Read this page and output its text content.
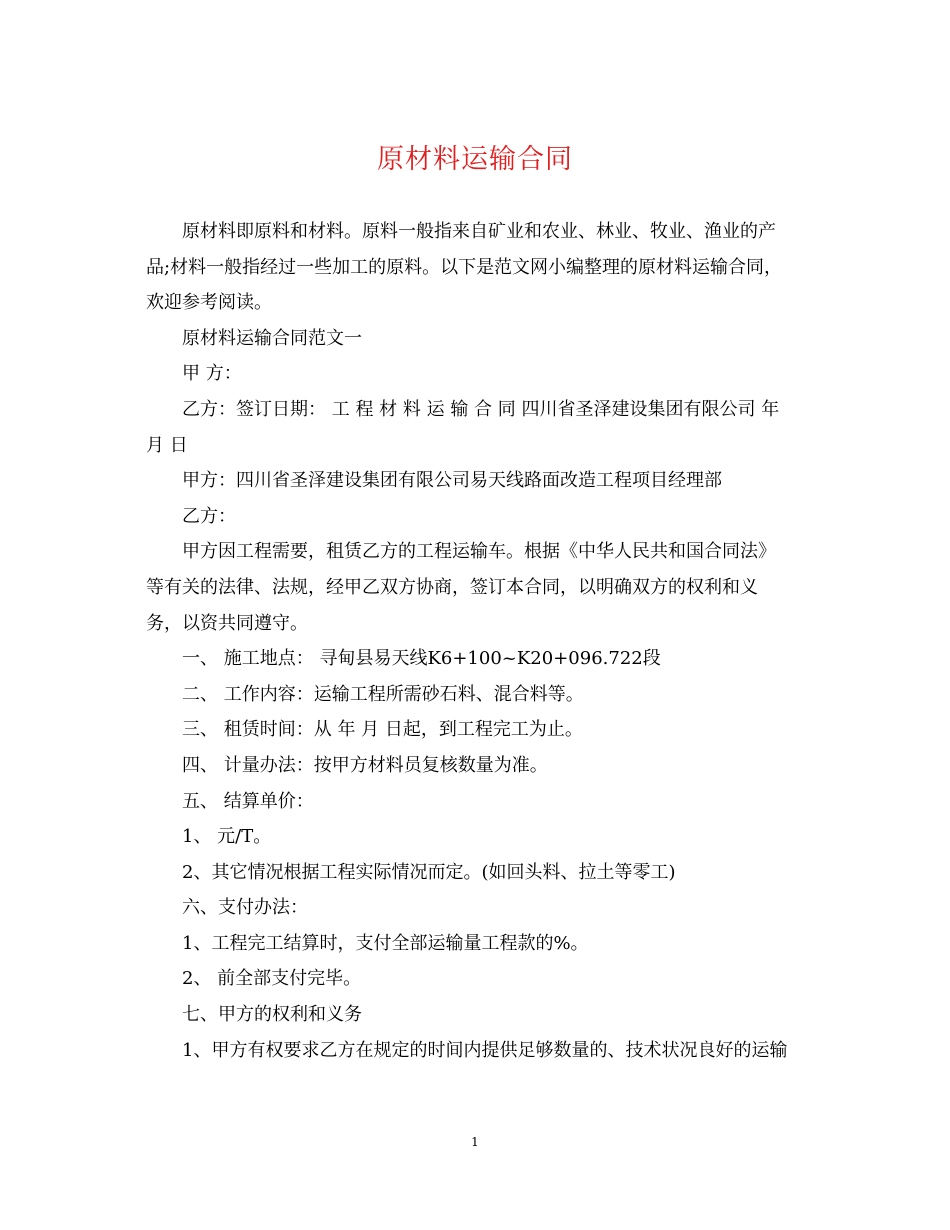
原材料运输合同

原材料即原料和材料。原料一般指来自矿业和农业、林业、牧业、渔业的产
品;材料一般指经过一些加工的原料。以下是范文网小编整理的原材料运输合同，
欢迎参考阅读。

原材料运输合同范文一

甲 方：

乙方：签订日期： 工 程 材 料 运 输 合 同 四川省圣泽建设集团有限公司 年
月 日

甲方：四川省圣泽建设集团有限公司易天线路面改造工程项目经理部

乙方：

甲方因工程需要，租赁乙方的工程运输车。根据《中华人民共和国合同法》
等有关的法律、法规，经甲乙双方协商，签订本合同，以明确双方的权利和义
务，以资共同遵守。

一、 施工地点： 寻甸县易天线K6+100~K20+096.722段

二、 工作内容：运输工程所需砂石料、混合料等。

三、 租赁时间：从 年 月 日起，到工程完工为止。

四、 计量办法：按甲方材料员复核数量为准。

五、 结算单价：

1、 元/T。

2、其它情况根据工程实际情况而定。(如回头料、拉土等零工)

六、支付办法：

1、工程完工结算时，支付全部运输量工程款的%。

2、 前全部支付完毕。

七、甲方的权利和义务

1、甲方有权要求乙方在规定的时间内提供足够数量的、技术状况良好的运输

1
